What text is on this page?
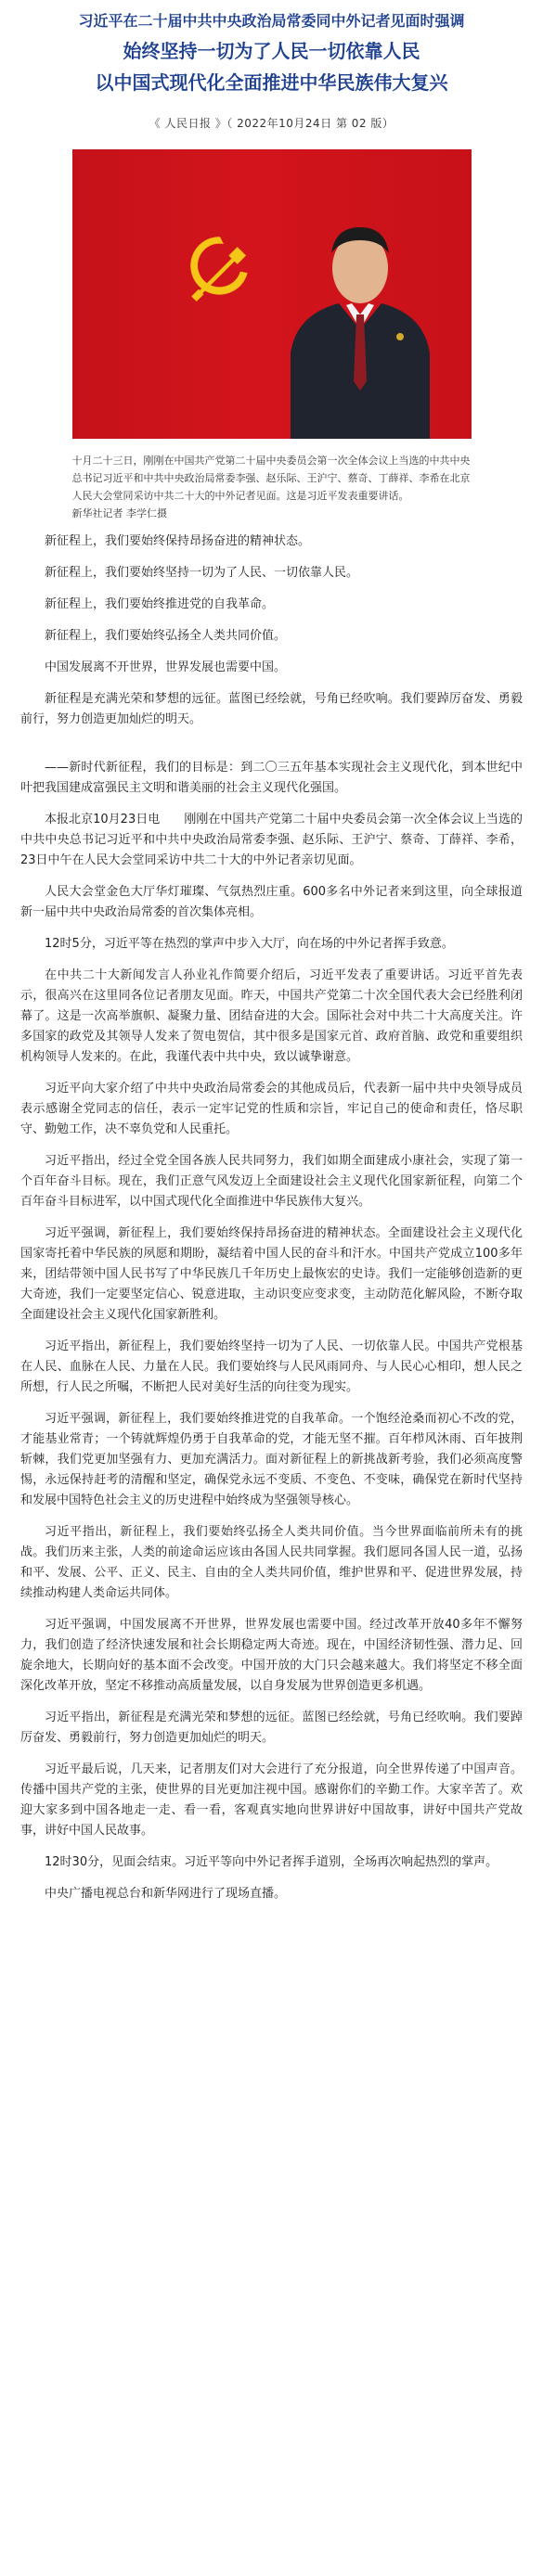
习近平在二十届中共中央政治局常委同中外记者见面时强调
始终坚持一切为了人民一切依靠人民
以中国式现代化全面推进中华民族伟大复兴
《 人民日报 》（ 2022年10月24日 第 02 版）
十月二十三日，刚刚在中国共产党第二十届中央委员会第一次全体会议上当选的中共中央总书记习近平和中共中央政治局常委李强、赵乐际、王沪宁、蔡奇、丁薛祥、李希在北京人民大会堂同采访中共二十大的中外记者见面。这是习近平发表重要讲话。
新华社记者 李学仁摄

新征程上，我们要始终保持昂扬奋进的精神状态。

新征程上，我们要始终坚持一切为了人民、一切依靠人民。

新征程上，我们要始终推进党的自我革命。

新征程上，我们要始终弘扬全人类共同价值。

中国发展离不开世界，世界发展也需要中国。

新征程是充满光荣和梦想的远征。蓝图已经绘就，号角已经吹响。我们要踔厉奋发、勇毅前行，努力创造更加灿烂的明天。

——新时代新征程，我们的目标是：到二〇三五年基本实现社会主义现代化，到本世纪中叶把我国建成富强民主文明和谐美丽的社会主义现代化强国。

本报北京10月23日电　　 刚刚在中国共产党第二十届中央委员会第一次全体会议上当选的中共中央总书记习近平和中共中央政治局常委李强、赵乐际、王沪宁、蔡奇、丁薛祥、李希，23日中午在人民大会堂同采访中共二十大的中外记者亲切见面。

人民大会堂金色大厅华灯璀璨、气氛热烈庄重。600多名中外记者来到这里，向全球报道新一届中共中央政治局常委的首次集体亮相。

12时5分，习近平等在热烈的掌声中步入大厅，向在场的中外记者挥手致意。

在中共二十大新闻发言人孙业礼作简要介绍后，习近平发表了重要讲话。习近平首先表示，很高兴在这里同各位记者朋友见面。昨天，中国共产党第二十次全国代表大会已经胜利闭幕了。这是一次高举旗帜、凝聚力量、团结奋进的大会。国际社会对中共二十大高度关注。许多国家的政党及其领导人发来了贺电贺信，其中很多是国家元首、政府首脑、政党和重要组织机构领导人发来的。在此，我谨代表中共中央，致以诚挚谢意。

习近平向大家介绍了中共中央政治局常委会的其他成员后，代表新一届中共中央领导成员表示感谢全党同志的信任，表示一定牢记党的性质和宗旨，牢记自己的使命和责任，恪尽职守、勤勉工作，决不辜负党和人民重托。

习近平指出，经过全党全国各族人民共同努力，我们如期全面建成小康社会，实现了第一个百年奋斗目标。现在，我们正意气风发迈上全面建设社会主义现代化国家新征程，向第二个百年奋斗目标进军，以中国式现代化全面推进中华民族伟大复兴。

习近平强调，新征程上，我们要始终保持昂扬奋进的精神状态。全面建设社会主义现代化国家寄托着中华民族的夙愿和期盼，凝结着中国人民的奋斗和汗水。中国共产党成立100多年来，团结带领中国人民书写了中华民族几千年历史上最恢宏的史诗。我们一定能够创造新的更大奇迹，我们一定要坚定信心、锐意进取，主动识变应变求变，主动防范化解风险，不断夺取全面建设社会主义现代化国家新胜利。

习近平指出，新征程上，我们要始终坚持一切为了人民、一切依靠人民。中国共产党根基在人民、血脉在人民、力量在人民。我们要始终与人民风雨同舟、与人民心心相印，想人民之所想，行人民之所嘱，不断把人民对美好生活的向往变为现实。

习近平强调，新征程上，我们要始终推进党的自我革命。一个饱经沧桑而初心不改的党，才能基业常青；一个铸就辉煌仍勇于自我革命的党，才能无坚不摧。百年栉风沐雨、百年披荆斩棘，我们党更加坚强有力、更加充满活力。面对新征程上的新挑战新考验，我们必须高度警惕，永远保持赶考的清醒和坚定，确保党永远不变质、不变色、不变味，确保党在新时代坚持和发展中国特色社会主义的历史进程中始终成为坚强领导核心。

习近平指出，新征程上，我们要始终弘扬全人类共同价值。当今世界面临前所未有的挑战。我们历来主张，人类的前途命运应该由各国人民共同掌握。我们愿同各国人民一道，弘扬和平、发展、公平、正义、民主、自由的全人类共同价值，维护世界和平、促进世界发展，持续推动构建人类命运共同体。

习近平强调，中国发展离不开世界，世界发展也需要中国。经过改革开放40多年不懈努力，我们创造了经济快速发展和社会长期稳定两大奇迹。现在，中国经济韧性强、潜力足、回旋余地大，长期向好的基本面不会改变。中国开放的大门只会越来越大。我们将坚定不移全面深化改革开放，坚定不移推动高质量发展，以自身发展为世界创造更多机遇。

习近平指出，新征程是充满光荣和梦想的远征。蓝图已经绘就，号角已经吹响。我们要踔厉奋发、勇毅前行，努力创造更加灿烂的明天。

习近平最后说，几天来，记者朋友们对大会进行了充分报道，向全世界传递了中国声音。传播中国共产党的主张，使世界的目光更加注视中国。感谢你们的辛勤工作。大家辛苦了。欢迎大家多到中国各地走一走、看一看，客观真实地向世界讲好中国故事，讲好中国共产党故事，讲好中国人民故事。

12时30分，见面会结束。习近平等向中外记者挥手道别，全场再次响起热烈的掌声。

中央广播电视总台和新华网进行了现场直播。
